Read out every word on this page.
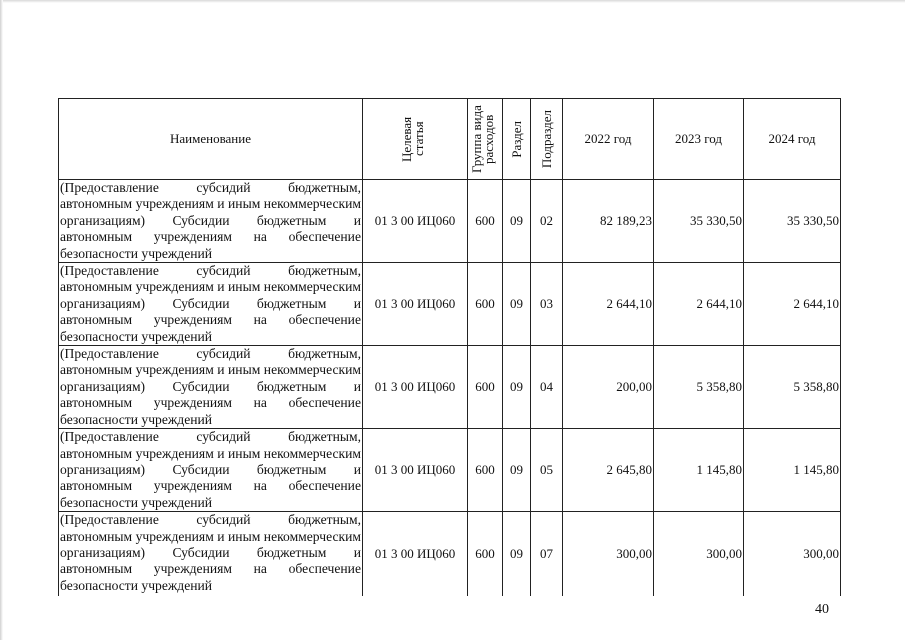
Наименование	Целевая статья	Группа вида расходов	Раздел	Подраздел	2022 год	2023 год	2024 год
(Предоставление субсидий бюджетным, автономным учреждениям и иным некоммерческим организациям) Субсидии бюджетным и автономным учреждениям на обеспечение безопасности учреждений	01 3 00 ИЦ060	600	09	02	82 189,23	35 330,50	35 330,50
(Предоставление субсидий бюджетным, автономным учреждениям и иным некоммерческим организациям) Субсидии бюджетным и автономным учреждениям на обеспечение безопасности учреждений	01 3 00 ИЦ060	600	09	03	2 644,10	2 644,10	2 644,10
(Предоставление субсидий бюджетным, автономным учреждениям и иным некоммерческим организациям) Субсидии бюджетным и автономным учреждениям на обеспечение безопасности учреждений	01 3 00 ИЦ060	600	09	04	200,00	5 358,80	5 358,80
(Предоставление субсидий бюджетным, автономным учреждениям и иным некоммерческим организациям) Субсидии бюджетным и автономным учреждениям на обеспечение безопасности учреждений	01 3 00 ИЦ060	600	09	05	2 645,80	1 145,80	1 145,80
(Предоставление субсидий бюджетным, автономным учреждениям и иным некоммерческим организациям) Субсидии бюджетным и автономным учреждениям на обеспечение безопасности учреждений	01 3 00 ИЦ060	600	09	07	300,00	300,00	300,00
40
